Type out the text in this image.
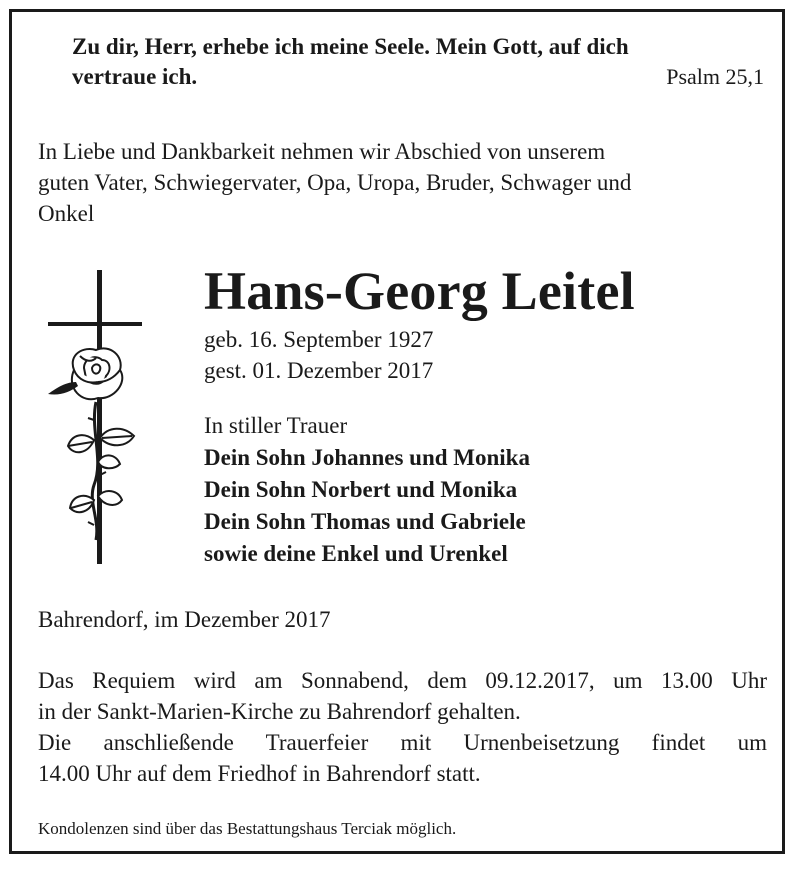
Zu dir, Herr, erhebe ich meine Seele. Mein Gott, auf dich
vertraue ich.	Psalm 25,1
In Liebe und Dankbarkeit nehmen wir Abschied von unserem
guten Vater, Schwiegervater, Opa, Uropa, Bruder, Schwager und
Onkel
Hans-Georg Leitel
geb. 16. September 1927
gest. 01. Dezember 2017
In stiller Trauer
Dein Sohn Johannes und Monika
Dein Sohn Norbert und Monika
Dein Sohn Thomas und Gabriele
sowie deine Enkel und Urenkel
Bahrendorf, im Dezember 2017
Das Requiem wird am Sonnabend, dem 09.12.2017, um 13.00 Uhr
in der Sankt-Marien-Kirche zu Bahrendorf gehalten.
Die anschließende Trauerfeier mit Urnenbeisetzung findet um
14.00 Uhr auf dem Friedhof in Bahrendorf statt.
Kondolenzen sind über das Bestattungshaus Terciak möglich.
